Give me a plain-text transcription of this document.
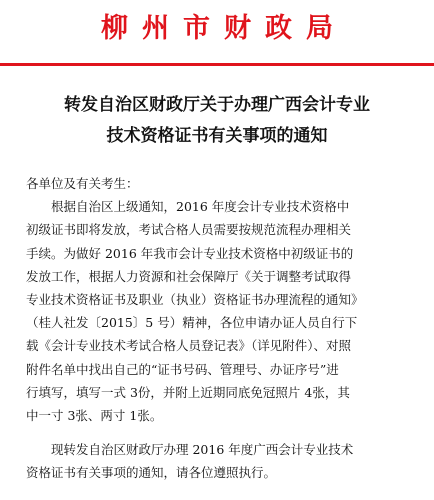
柳州市财政局
转发自治区财政厅关于办理广西会计专业
技术资格证书有关事项的通知
各单位及有关考生：
根据自治区上级通知，2016 年度会计专业技术资格中
初级证书即将发放，考试合格人员需要按规范流程办理相关
手续。为做好 2016 年我市会计专业技术资格中初级证书的
发放工作，根据人力资源和社会保障厅《关于调整考试取得
专业技术资格证书及职业（执业）资格证书办理流程的通知》
（桂人社发〔2015〕5 号）精神，各位申请办证人员自行下
载《会计专业技术考试合格人员登记表》（详见附件）、对照
附件名单中找出自己的“证书号码、管理号、办证序号”进
行填写，填写一式 3份，并附上近期同底免冠照片 4张，其
中一寸 3张、两寸 1张。
现转发自治区财政厅办理 2016 年度广西会计专业技术
资格证书有关事项的通知，请各位遵照执行。
